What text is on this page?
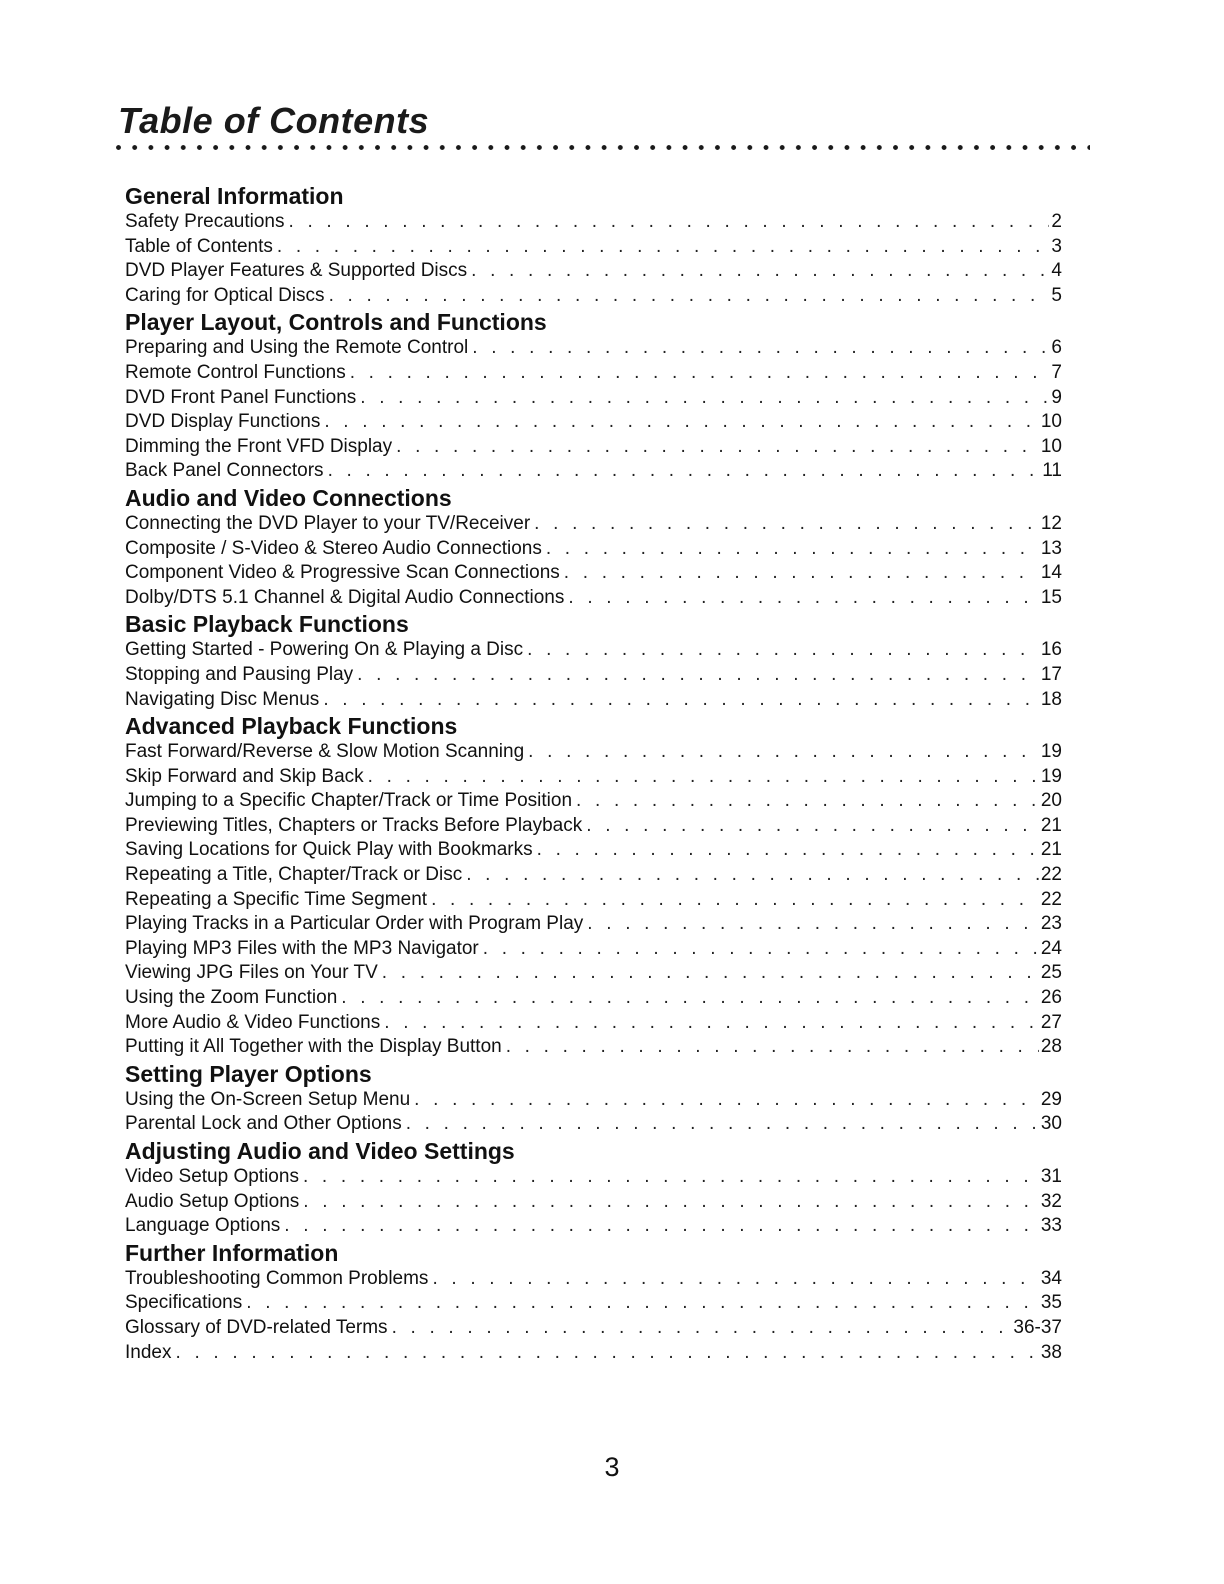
Table of Contents
General Information
Safety Precautions . . .	2
Table of Contents . . .	3
DVD Player Features & Supported Discs . . .	4
Caring for Optical Discs . . .	5
Player Layout, Controls and Functions
Preparing and Using the Remote Control . . .	6
Remote Control Functions . . .	7
DVD Front Panel Functions . . .	9
DVD Display Functions . . .	10
Dimming the Front VFD Display . . .	10
Back Panel Connectors . . .	11
Audio and Video Connections
Connecting the DVD Player to your TV/Receiver . . .	12
Composite / S-Video & Stereo Audio Connections . . .	13
Component Video & Progressive Scan Connections . . .	14
Dolby/DTS 5.1 Channel & Digital Audio Connections . . .	15
Basic Playback Functions
Getting Started - Powering On & Playing a Disc . . .	16
Stopping and Pausing Play . . .	17
Navigating Disc Menus . . .	18
Advanced Playback Functions
Fast Forward/Reverse & Slow Motion Scanning . . .	19
Skip Forward and Skip Back . . .	19
Jumping to a Specific Chapter/Track or Time Position . . .	20
Previewing Titles, Chapters or Tracks Before Playback . . .	21
Saving Locations for Quick Play with Bookmarks . . .	21
Repeating a Title, Chapter/Track or Disc . . .	22
Repeating a Specific Time Segment . . .	22
Playing Tracks in a Particular Order with Program Play . . .	23
Playing MP3 Files with the MP3 Navigator . . .	24
Viewing JPG Files on Your TV . . .	25
Using the Zoom Function . . .	26
More Audio & Video Functions . . .	27
Putting it All Together with the Display Button . . .	28
Setting Player Options
Using the On-Screen Setup Menu . . .	29
Parental Lock and Other Options . . .	30
Adjusting Audio and Video Settings
Video Setup Options . . .	31
Audio Setup Options . . .	32
Language Options . . .	33
Further Information
Troubleshooting Common Problems . . .	34
Specifications . . .	35
Glossary of DVD-related Terms . . .	36-37
Index . . .	38
3
